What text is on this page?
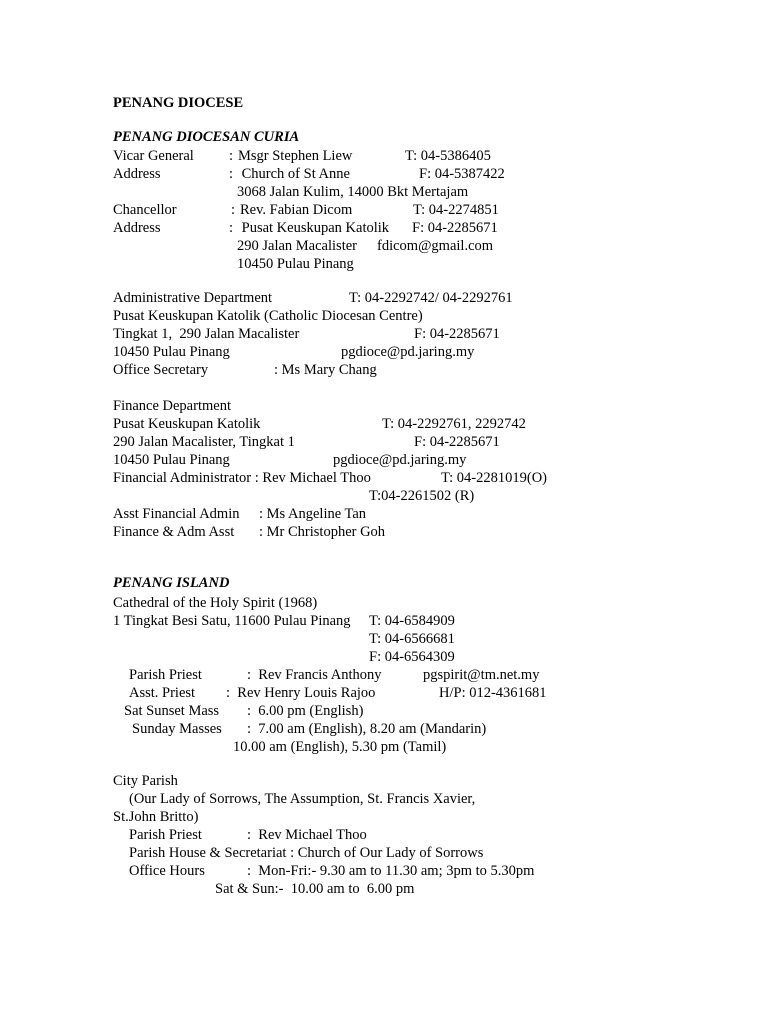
PENANG DIOCESE
PENANG DIOCESAN CURIA
Vicar General : Msgr Stephen Liew	T: 04-5386405
Address	: Church of St Anne	F: 04-5387422
3068 Jalan Kulim, 14000 Bkt Mertajam
Chancellor	: Rev. Fabian Dicom	T: 04-2274851
Address	: Pusat Keuskupan Katolik F: 04-2285671
290 Jalan Macalister fdicom@gmail.com
10450 Pulau Pinang
Administrative Department	T: 04-2292742/ 04-2292761
Pusat Keuskupan Katolik (Catholic Diocesan Centre)
Tingkat 1,  290 Jalan Macalister	F: 04-2285671
10450 Pulau Pinang	pgdioce@pd.jaring.my
Office Secretary	: Ms Mary Chang
Finance Department
Pusat Keuskupan Katolik	T: 04-2292761, 2292742
290 Jalan Macalister, Tingkat 1	F: 04-2285671
10450 Pulau Pinang	pgdioce@pd.jaring.my
Financial Administrator : Rev Michael Thoo	T: 04-2281019(O)
T:04-2261502 (R)
Asst Financial Admin : Ms Angeline Tan
Finance & Adm Asst : Mr Christopher Goh
PENANG ISLAND
Cathedral of the Holy Spirit (1968)
1 Tingkat Besi Satu, 11600 Pulau Pinang T: 04-6584909
T: 04-6566681
F: 04-6564309
Parish Priest	:  Rev Francis Anthony	pgspirit@tm.net.my
Asst. Priest :  Rev Henry Louis Rajoo	H/P: 012-4361681
Sat Sunset Mass :  6.00 pm (English)
Sunday Masses :  7.00 am (English), 8.20 am (Mandarin)
10.00 am (English), 5.30 pm (Tamil)
City Parish
(Our Lady of Sorrows, The Assumption, St. Francis Xavier,
St.John Britto)
Parish Priest	:  Rev Michael Thoo
Parish House & Secretariat : Church of Our Lady of Sorrows
Office Hours	:  Mon-Fri:- 9.30 am to 11.30 am; 3pm to 5.30pm
Sat & Sun:-  10.00 am to  6.00 pm
